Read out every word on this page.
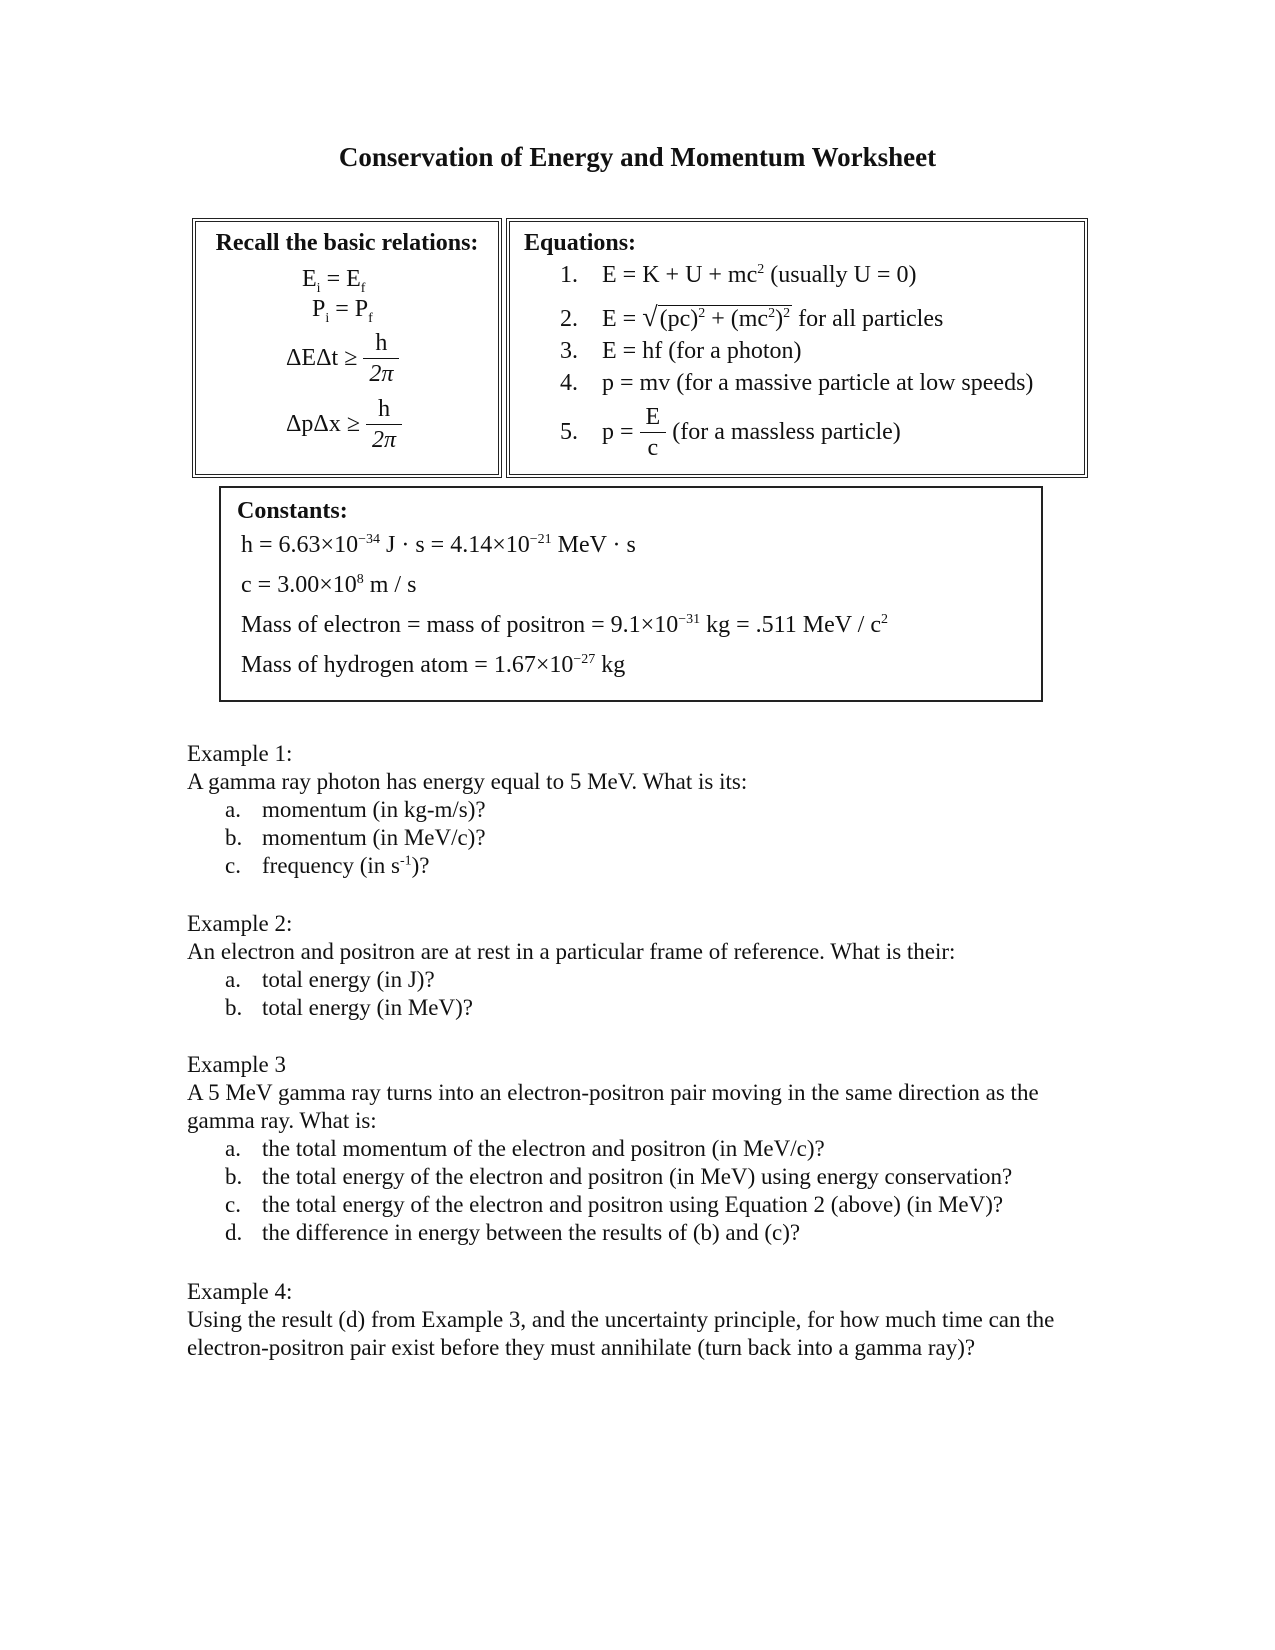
Conservation of Energy and Momentum Worksheet
Recall the basic relations:
$E_i = E_f$
$P_i = P_f$
$\Delta E\Delta t \ge \frac{h}{2\pi}$
$\Delta p\Delta x \ge \frac{h}{2\pi}$
Equations:
1. $E = K + U + mc^2$ (usually U = 0)
2. $E = √(pc)^2 + (mc^2)^2$ for all particles
3. E = hf (for a photon)
4. p = mv (for a massive particle at low speeds)
5. $p = \frac{E}{c} (for$ a massless particle)
Constants:
$h = 6.63\times 10^{-34}$ $J \cdot s = 4.14\times 10^{-21}$ MeV · s
$c = 3.00\times 10^8$ m / s
Mass of electron = mass of positron = $9.1\times 10^{-31}$ kg = .511 MeV / $c^2$
Mass of hydrogen atom = $1.67\times 10^{-27}$ kg

Example 1:

A gamma ray photon has energy equal to 5 MeV. What is its:

a. momentum (in kg-m/s)?
b. momentum (in MeV/c)?
c. frequency (in $s^{-1}$)?

Example 2:

An electron and positron are at rest in a particular frame of reference. What is their:

a. total energy (in J)?
b. total energy (in MeV)?

Example 3

A 5 MeV gamma ray turns into an electron-positron pair moving in the same direction as the gamma ray. What is:

a. the total momentum of the electron and positron (in MeV/c)?
b. the total energy of the electron and positron (in MeV) using energy conservation?
c. the total energy of the electron and positron using Equation 2 (above) (in MeV)?
d. the difference in energy between the results of (b) and (c)?

Example 4:

Using the result (d) from Example 3, and the uncertainty principle, for how much time can the electron-positron pair exist before they must annihilate (turn back into a gamma ray)?
